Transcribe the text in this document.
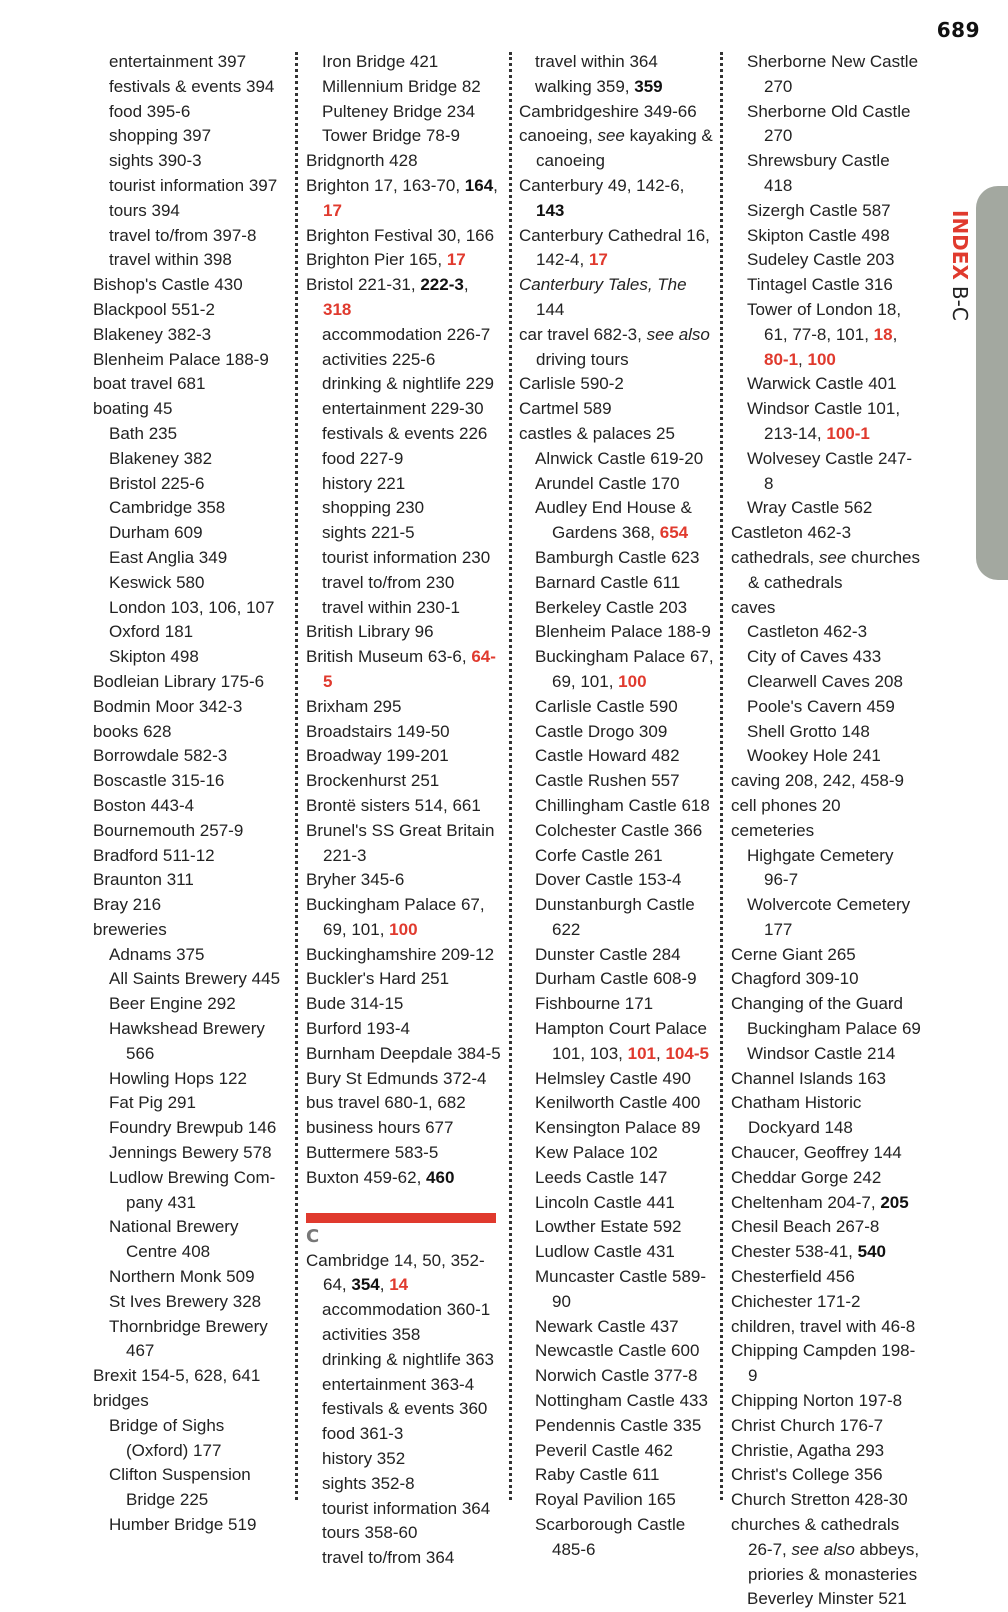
689
INDEXB-C
entertainment 397
festivals & events 394
food 395-6
shopping 397
sights 390-3
tourist information 397
tours 394
travel to/from 397-8
travel within 398
Bishop's Castle 430
Blackpool 551-2
Blakeney 382-3
Blenheim Palace 188-9
boat travel 681
boating 45
Bath 235
Blakeney 382
Bristol 225-6
Cambridge 358
Durham 609
East Anglia 349
Keswick 580
London 103, 106, 107
Oxford 181
Skipton 498
Bodleian Library 175-6
Bodmin Moor 342-3
books 628
Borrowdale 582-3
Boscastle 315-16
Boston 443-4
Bournemouth 257-9
Bradford 511-12
Braunton 311
Bray 216
breweries
Adnams 375
All Saints Brewery 445
Beer Engine 292
Hawkshead Brewery 566
Howling Hops 122
Fat Pig 291
Foundry Brewpub 146
Jennings Bewery 578
Ludlow Brewing Com-pany 431
National Brewery Centre 408
Northern Monk 509
St Ives Brewery 328
Thornbridge Brewery 467
Brexit 154-5, 628, 641
bridges
Bridge of Sighs (Oxford) 177
Clifton Suspension Bridge 225
Humber Bridge 519
Iron Bridge 421
Millennium Bridge 82
Pulteney Bridge 234
Tower Bridge 78-9
Bridgnorth 428
Brighton 17, 163-70, 164, 17
Brighton Festival 30, 166
Brighton Pier 165, 17
Bristol 221-31, 222-3, 318
accommodation 226-7
activities 225-6
drinking & nightlife 229
entertainment 229-30
festivals & events 226
food 227-9
history 221
shopping 230
sights 221-5
tourist information 230
travel to/from 230
travel within 230-1
British Library 96
British Museum 63-6, 64-5
Brixham 295
Broadstairs 149-50
Broadway 199-201
Brockenhurst 251
Brontë sisters 514, 661
Brunel's SS Great Britain 221-3
Bryher 345-6
Buckingham Palace 67, 69, 101, 100
Buckinghamshire 209-12
Buckler's Hard 251
Bude 314-15
Burford 193-4
Burnham Deepdale 384-5
Bury St Edmunds 372-4
bus travel 680-1, 682
business hours 677
Buttermere 583-5
Buxton 459-62, 460
C
Cambridge 14, 50, 352-64, 354, 14
accommodation 360-1
activities 358
drinking & nightlife 363
entertainment 363-4
festivals & events 360
food 361-3
history 352
sights 352-8
tourist information 364
tours 358-60
travel to/from 364
travel within 364
walking 359, 359
Cambridgeshire 349-66
canoeing, see kayaking & canoeing
Canterbury 49, 142-6, 143
Canterbury Cathedral 16, 142-4, 17
Canterbury Tales, The 144
car travel 682-3, see also driving tours
Carlisle 590-2
Cartmel 589
castles & palaces 25
Alnwick Castle 619-20
Arundel Castle 170
Audley End House & Gardens 368, 654
Bamburgh Castle 623
Barnard Castle 611
Berkeley Castle 203
Blenheim Palace 188-9
Buckingham Palace 67, 69, 101, 100
Carlisle Castle 590
Castle Drogo 309
Castle Howard 482
Castle Rushen 557
Chillingham Castle 618
Colchester Castle 366
Corfe Castle 261
Dover Castle 153-4
Dunstanburgh Castle 622
Dunster Castle 284
Durham Castle 608-9
Fishbourne 171
Hampton Court Palace 101, 103, 101, 104-5
Helmsley Castle 490
Kenilworth Castle 400
Kensington Palace 89
Kew Palace 102
Leeds Castle 147
Lincoln Castle 441
Lowther Estate 592
Ludlow Castle 431
Muncaster Castle 589-90
Newark Castle 437
Newcastle Castle 600
Norwich Castle 377-8
Nottingham Castle 433
Pendennis Castle 335
Peveril Castle 462
Raby Castle 611
Royal Pavilion 165
Scarborough Castle 485-6
Sherborne New Castle 270
Sherborne Old Castle 270
Shrewsbury Castle 418
Sizergh Castle 587
Skipton Castle 498
Sudeley Castle 203
Tintagel Castle 316
Tower of London 18, 61, 77-8, 101, 18, 80-1, 100
Warwick Castle 401
Windsor Castle 101, 213-14, 100-1
Wolvesey Castle 247-8
Wray Castle 562
Castleton 462-3
cathedrals, see churches & cathedrals
caves
Castleton 462-3
City of Caves 433
Clearwell Caves 208
Poole's Cavern 459
Shell Grotto 148
Wookey Hole 241
caving 208, 242, 458-9
cell phones 20
cemeteries
Highgate Cemetery 96-7
Wolvercote Cemetery 177
Cerne Giant 265
Chagford 309-10
Changing of the Guard
Buckingham Palace 69
Windsor Castle 214
Channel Islands 163
Chatham Historic Dockyard 148
Chaucer, Geoffrey 144
Cheddar Gorge 242
Cheltenham 204-7, 205
Chesil Beach 267-8
Chester 538-41, 540
Chesterfield 456
Chichester 171-2
children, travel with 46-8
Chipping Campden 198-9
Chipping Norton 197-8
Christ Church 176-7
Christie, Agatha 293
Christ's College 356
Church Stretton 428-30
churches & cathedrals 26-7, see also abbeys, priories & monasteries
Beverley Minster 521
